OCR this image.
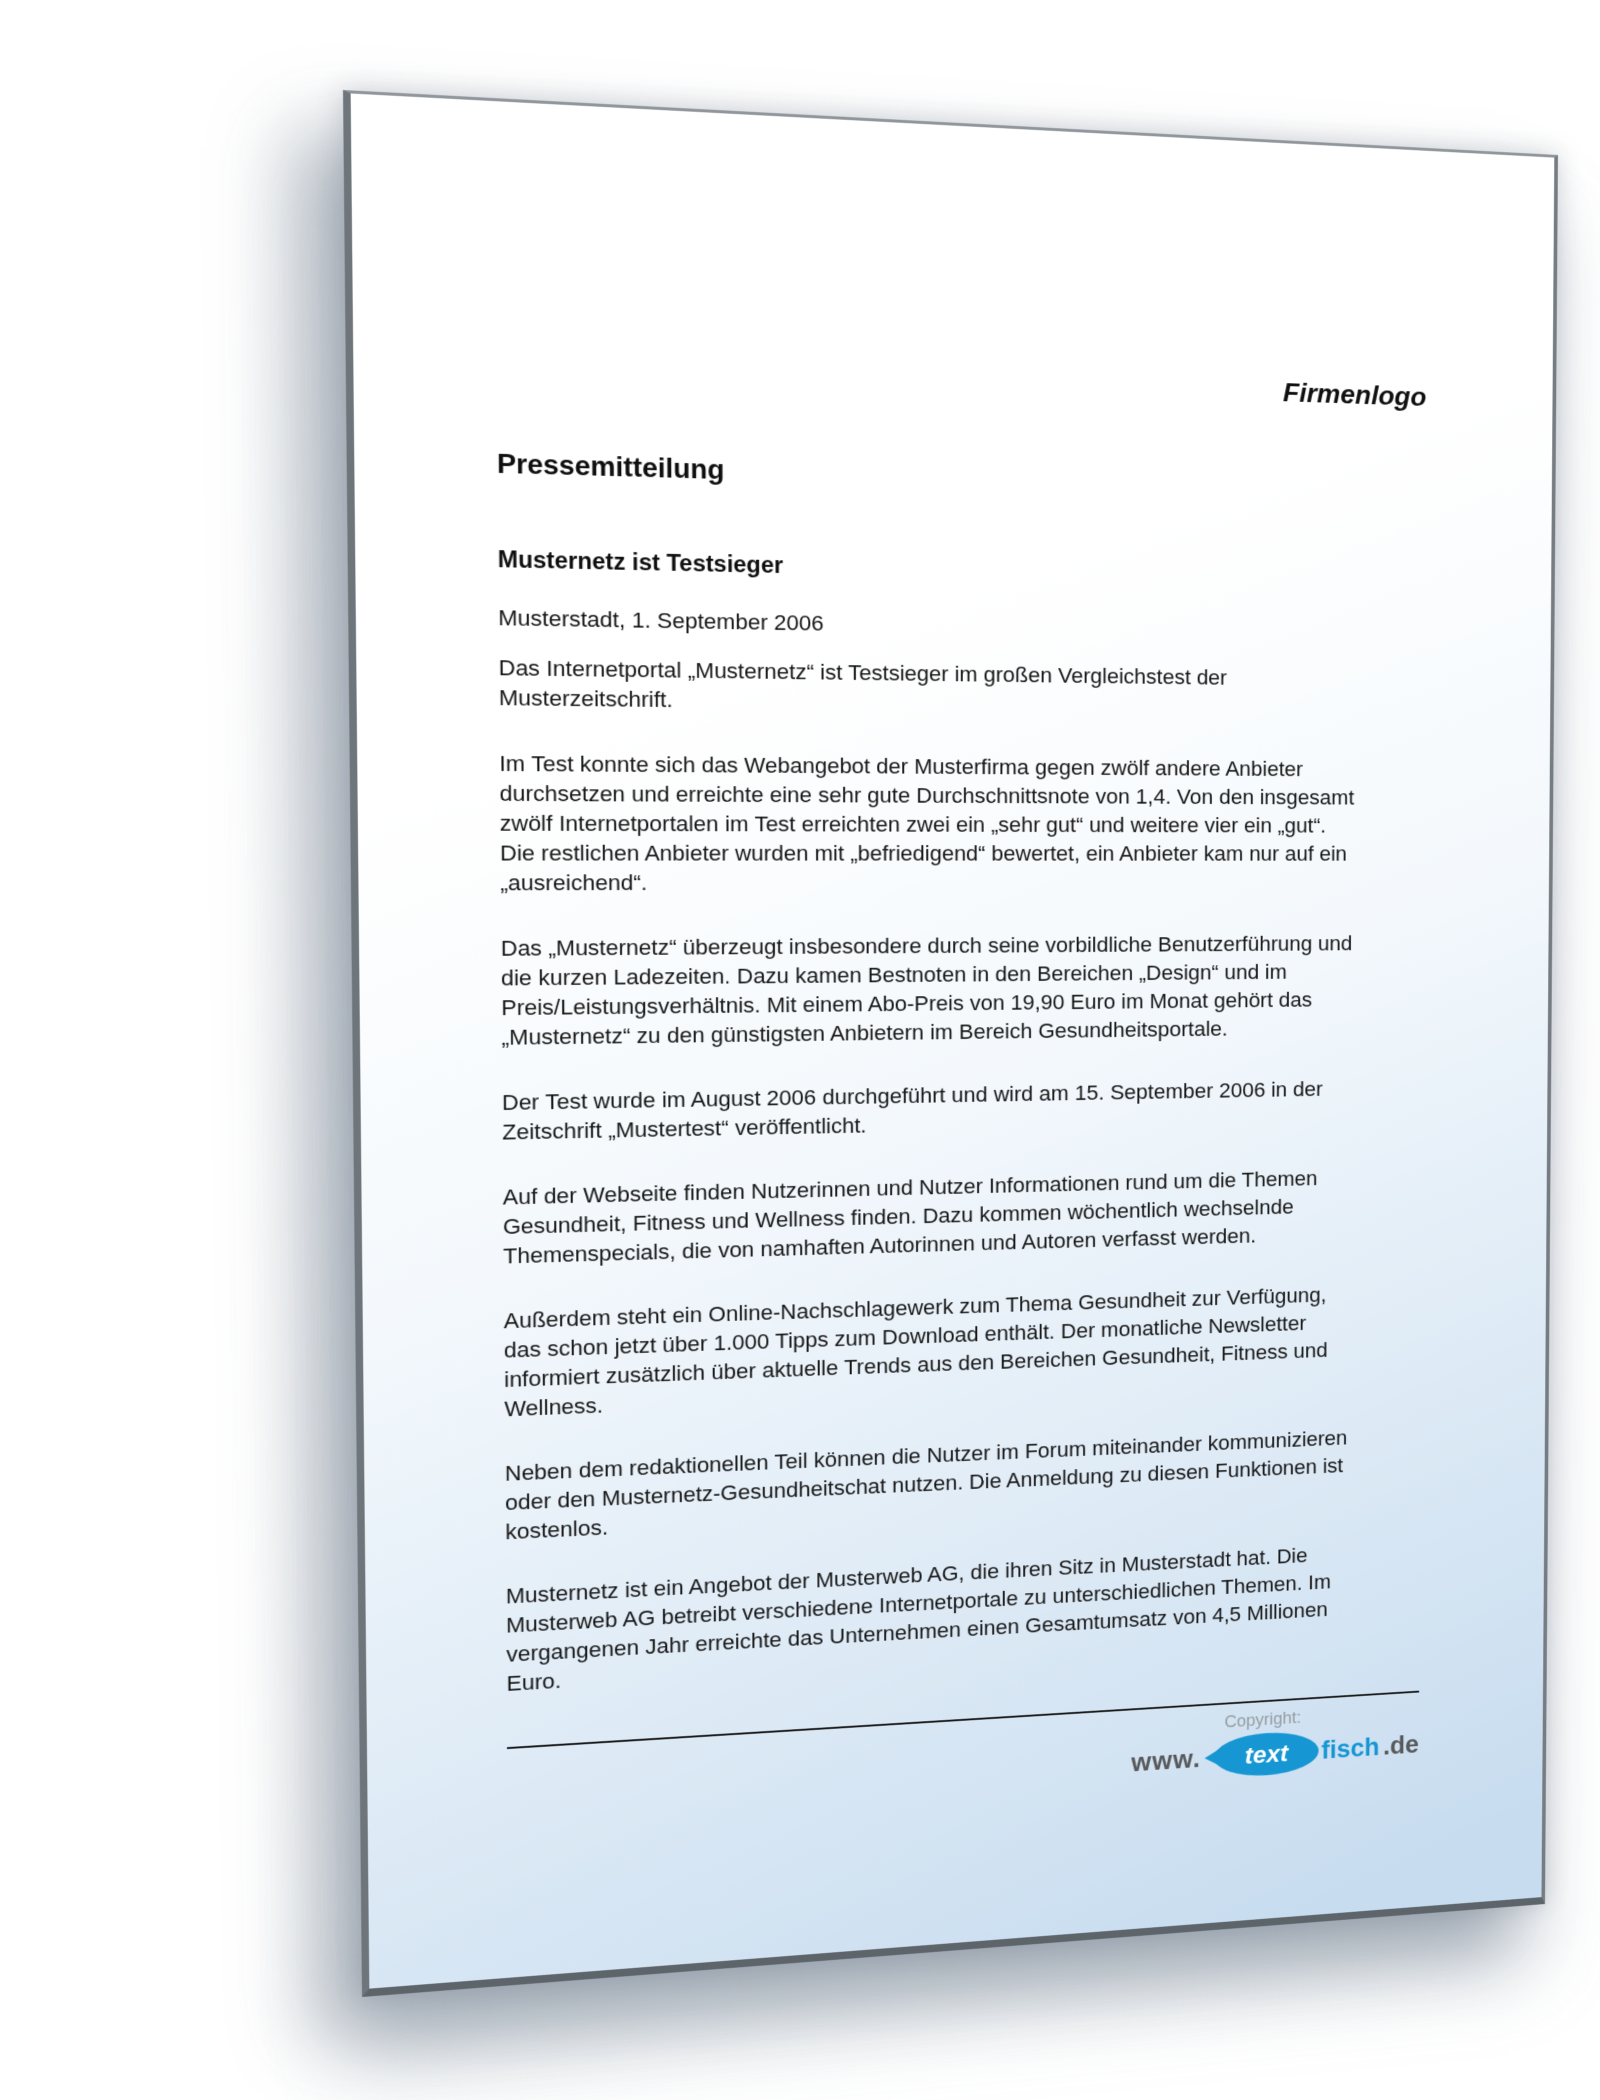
Firmenlogo
Pressemitteilung
Musternetz ist Testsieger

Musterstadt, 1. September 2006

Das Internetportal „Musternetz“ ist Testsieger im großen Vergleichstest der
Musterzeitschrift.

Im Test konnte sich das Webangebot der Musterfirma gegen zwölf andere Anbieter
durchsetzen und erreichte eine sehr gute Durchschnittsnote von 1,4. Von den insgesamt
zwölf Internetportalen im Test erreichten zwei ein „sehr gut“ und weitere vier ein „gut“.
Die restlichen Anbieter wurden mit „befriedigend“ bewertet, ein Anbieter kam nur auf ein
„ausreichend“.

Das „Musternetz“ überzeugt insbesondere durch seine vorbildliche Benutzerführung und
die kurzen Ladezeiten. Dazu kamen Bestnoten in den Bereichen „Design“ und im
Preis/Leistungsverhältnis. Mit einem Abo-Preis von 19,90 Euro im Monat gehört das
„Musternetz“ zu den günstigsten Anbietern im Bereich Gesundheitsportale.

Der Test wurde im August 2006 durchgeführt und wird am 15. September 2006 in der
Zeitschrift „Mustertest“ veröffentlicht.

Auf der Webseite finden Nutzerinnen und Nutzer Informationen rund um die Themen
Gesundheit, Fitness und Wellness finden. Dazu kommen wöchentlich wechselnde
Themenspecials, die von namhaften Autorinnen und Autoren verfasst werden.

Außerdem steht ein Online-Nachschlagewerk zum Thema Gesundheit zur Verfügung,
das schon jetzt über 1.000 Tipps zum Download enthält. Der monatliche Newsletter
informiert zusätzlich über aktuelle Trends aus den Bereichen Gesundheit, Fitness und
Wellness.

Neben dem redaktionellen Teil können die Nutzer im Forum miteinander kommunizieren
oder den Musternetz-Gesundheitschat nutzen. Die Anmeldung zu diesen Funktionen ist
kostenlos.

Musternetz ist ein Angebot der Musterweb AG, die ihren Sitz in Musterstadt hat. Die
Musterweb AG betreibt verschiedene Internetportale zu unterschiedlichen Themen. Im
vergangenen Jahr erreichte das Unternehmen einen Gesamtumsatz von 4,5 Millionen
Euro.

Copyright:
www. text fisch .de
